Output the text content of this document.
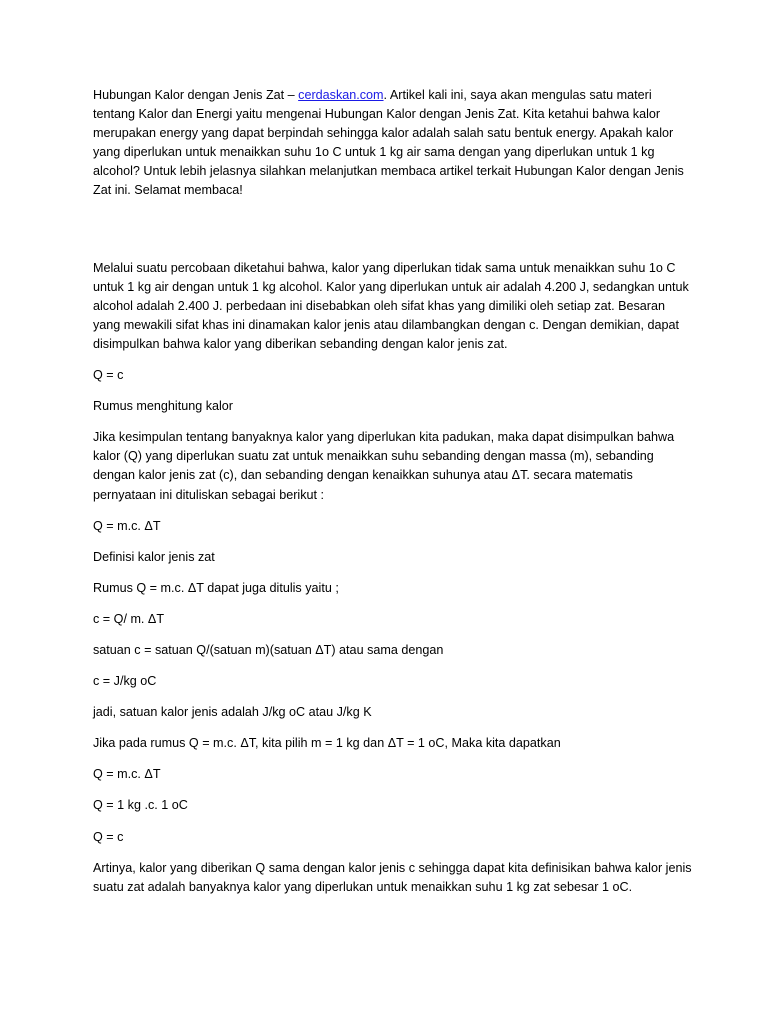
Hubungan Kalor dengan Jenis Zat – cerdaskan.com. Artikel kali ini, saya akan mengulas satu materi tentang Kalor dan Energi yaitu mengenai Hubungan Kalor dengan Jenis Zat. Kita ketahui bahwa kalor merupakan energy yang dapat berpindah sehingga kalor adalah salah satu bentuk energy. Apakah kalor yang diperlukan untuk menaikkan suhu 1o C untuk 1 kg air sama dengan yang diperlukan untuk 1 kg alcohol? Untuk lebih jelasnya silahkan melanjutkan membaca artikel terkait Hubungan Kalor dengan Jenis Zat ini. Selamat membaca!

Melalui suatu percobaan diketahui bahwa, kalor yang diperlukan tidak sama untuk menaikkan suhu 1o C untuk 1 kg air dengan untuk 1 kg alcohol. Kalor yang diperlukan untuk air adalah 4.200 J, sedangkan untuk alcohol adalah 2.400 J. perbedaan ini disebabkan oleh sifat khas yang dimiliki oleh setiap zat. Besaran yang mewakili sifat khas ini dinamakan kalor jenis atau dilambangkan dengan c. Dengan demikian, dapat disimpulkan bahwa kalor yang diberikan sebanding dengan kalor jenis zat.

Q = c

Rumus menghitung kalor

Jika kesimpulan tentang banyaknya kalor yang diperlukan kita padukan, maka dapat disimpulkan bahwa kalor (Q) yang diperlukan suatu zat untuk menaikkan suhu sebanding dengan massa (m), sebanding dengan kalor jenis zat (c), dan sebanding dengan kenaikkan suhunya atau ΔT. secara matematis pernyataan ini dituliskan sebagai berikut :

Q = m.c. ΔT

Definisi kalor jenis zat

Rumus Q = m.c. ΔT dapat juga ditulis yaitu ;

c = Q/ m. ΔT

satuan c = satuan Q/(satuan m)(satuan ΔT) atau sama dengan

c = J/kg oC

jadi, satuan kalor jenis adalah J/kg oC atau J/kg K

Jika pada rumus Q = m.c. ΔT, kita pilih m = 1 kg dan ΔT = 1 oC, Maka kita dapatkan

Q = m.c. ΔT

Q = 1 kg .c. 1 oC

Q = c

Artinya, kalor yang diberikan Q sama dengan kalor jenis c sehingga dapat kita definisikan bahwa kalor jenis suatu zat adalah banyaknya kalor yang diperlukan untuk menaikkan suhu 1 kg zat sebesar 1 oC.
